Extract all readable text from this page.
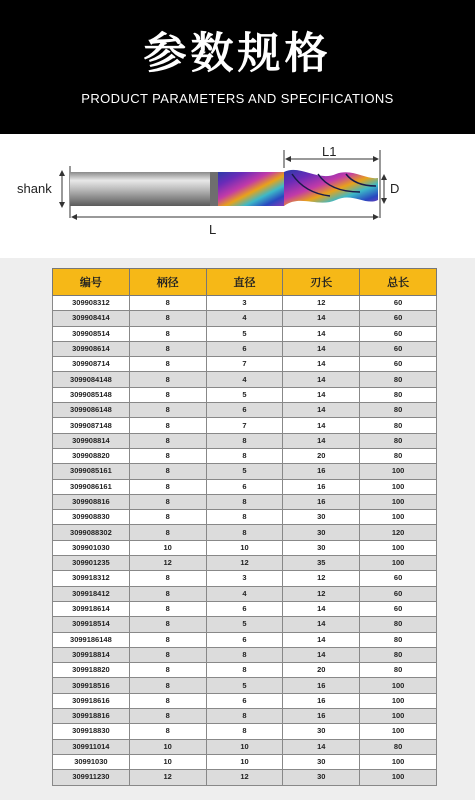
参数规格
PRODUCT PARAMETERS AND SPECIFICATIONS
shank
L1
D
L
编号	柄径	直径	刃长	总长
309908312	8	3	12	60
309908414	8	4	14	60
309908514	8	5	14	60
309908614	8	6	14	60
309908714	8	7	14	60
3099084148	8	4	14	80
3099085148	8	5	14	80
3099086148	8	6	14	80
3099087148	8	7	14	80
309908814	8	8	14	80
309908820	8	8	20	80
3099085161	8	5	16	100
3099086161	8	6	16	100
309908816	8	8	16	100
309908830	8	8	30	100
3099088302	8	8	30	120
309901030	10	10	30	100
309901235	12	12	35	100
309918312	8	3	12	60
309918412	8	4	12	60
309918614	8	6	14	60
309918514	8	5	14	80
3099186148	8	6	14	80
309918814	8	8	14	80
309918820	8	8	20	80
309918516	8	5	16	100
309918616	8	6	16	100
309918816	8	8	16	100
309918830	8	8	30	100
309911014	10	10	14	80
30991030	10	10	30	100
309911230	12	12	30	100
